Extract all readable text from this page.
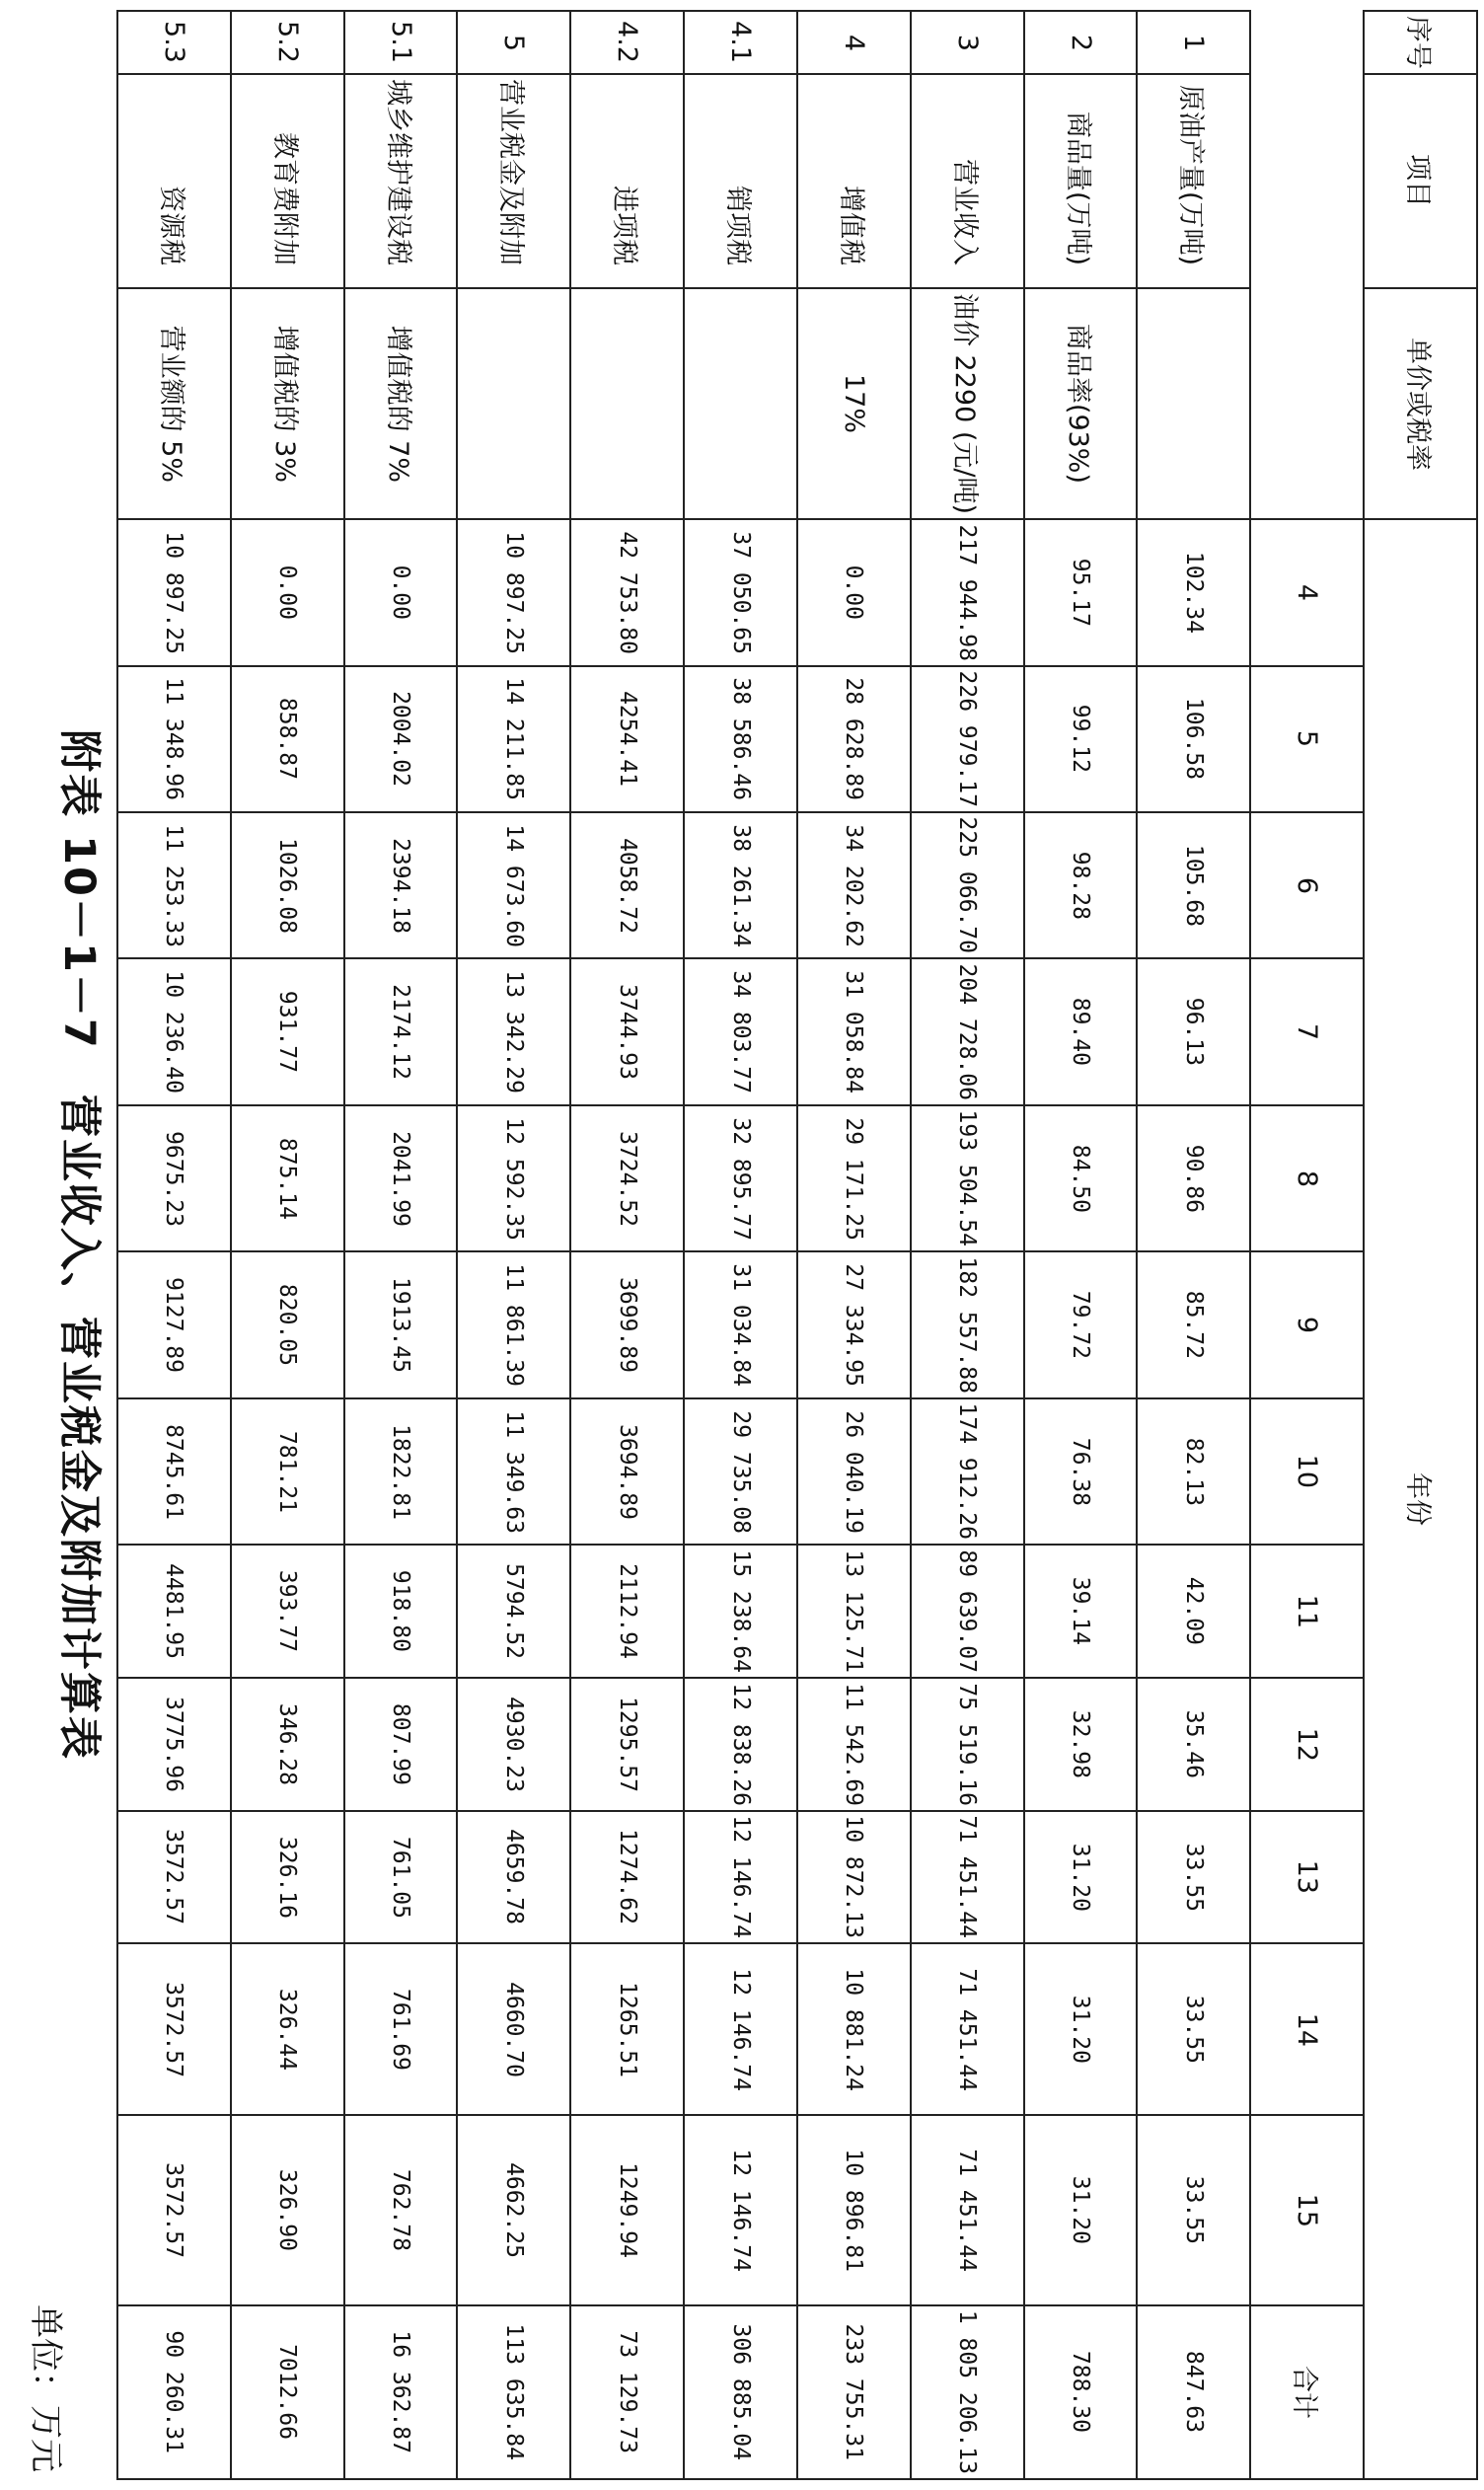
附表 10－1－7　营业收入、营业税金及附加计算表
单位：万元	90 260.31	3572.57	3572.57	3572.57	3775.96	4481.95	8745.61	9127.89	9675.23	10 236.40	11 253.33	11 348.96	10 897.25	营业额的 5%	资源税	5.3
7012.66	326.90	326.44	326.16	346.28	393.77	781.21	820.05	875.14	931.77	1026.08	858.87	0.00	增值税的 3%	教育费附加	5.2
16 362.87	762.78	761.69	761.05	807.99	918.80	1822.81	1913.45	2041.99	2174.12	2394.18	2004.02	0.00	增值税的 7%	城乡维护建设税	5.1
113 635.84	4662.25	4660.70	4659.78	4930.23	5794.52	11 349.63	11 861.39	12 592.35	13 342.29	14 673.60	14 211.85	10 897.25		营业税金及附加	5
73 129.73	1249.94	1265.51	1274.62	1295.57	2112.94	3694.89	3699.89	3724.52	3744.93	4058.72	4254.41	42 753.80		进项税	4.2
306 885.04	12 146.74	12 146.74	12 146.74	12 838.26	15 238.64	29 735.08	31 034.84	32 895.77	34 803.77	38 261.34	38 586.46	37 050.65		销项税	4.1
233 755.31	10 896.81	10 881.24	10 872.13	11 542.69	13 125.71	26 040.19	27 334.95	29 171.25	31 058.84	34 202.62	28 628.89	0.00	17%	增值税	4
1 805 206.13	71 451.44	71 451.44	71 451.44	75 519.16	89 639.07	174 912.26	182 557.88	193 504.54	204 728.06	225 066.70	226 979.17	217 944.98	油价 2290 (元/吨)	营业收入	3
788.30	31.20	31.20	31.20	32.98	39.14	76.38	79.72	84.50	89.40	98.28	99.12	95.17	商品率(93%)	商品量(万吨)	2
847.63	33.55	33.55	33.55	35.46	42.09	82.13	85.72	90.86	96.13	105.68	106.58	102.34		原油产量(万吨)	1
合计	15	14	13	12	11	10	9	8	7	6	5	4			
年份													单价或税率	项目	序号
